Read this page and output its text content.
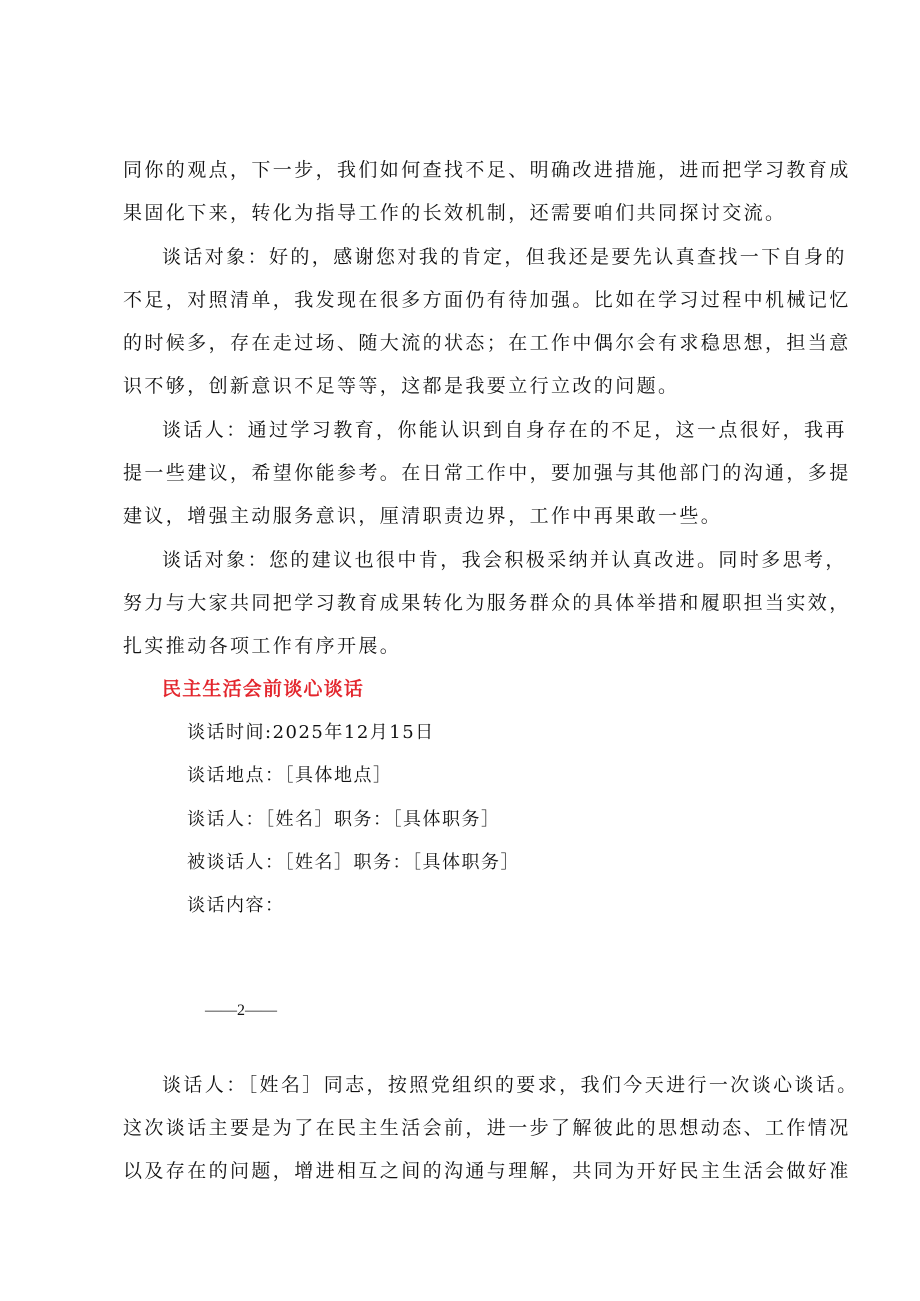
同你的观点，下一步，我们如何查找不足、明确改进措施，进而把学习教育成
果固化下来，转化为指导工作的长效机制，还需要咱们共同探讨交流。
谈话对象：好的，感谢您对我的肯定，但我还是要先认真查找一下自身的
不足，对照清单，我发现在很多方面仍有待加强。比如在学习过程中机械记忆
的时候多，存在走过场、随大流的状态；在工作中偶尔会有求稳思想，担当意
识不够，创新意识不足等等，这都是我要立行立改的问题。
谈话人：通过学习教育，你能认识到自身存在的不足，这一点很好，我再
提一些建议，希望你能参考。在日常工作中，要加强与其他部门的沟通，多提
建议，增强主动服务意识，厘清职责边界，工作中再果敢一些。
谈话对象：您的建议也很中肯，我会积极采纳并认真改进。同时多思考，
努力与大家共同把学习教育成果转化为服务群众的具体举措和履职担当实效，
扎实推动各项工作有序开展。
民主生活会前谈心谈话
谈话时间:2025年12月15日
谈话地点：［具体地点］
谈话人：［姓名］职务：［具体职务］
被谈话人：［姓名］职务：［具体职务］
谈话内容：
——2——
谈话人：［姓名］同志，按照党组织的要求，我们今天进行一次谈心谈话。
这次谈话主要是为了在民主生活会前，进一步了解彼此的思想动态、工作情况
以及存在的问题，增进相互之间的沟通与理解，共同为开好民主生活会做好准
